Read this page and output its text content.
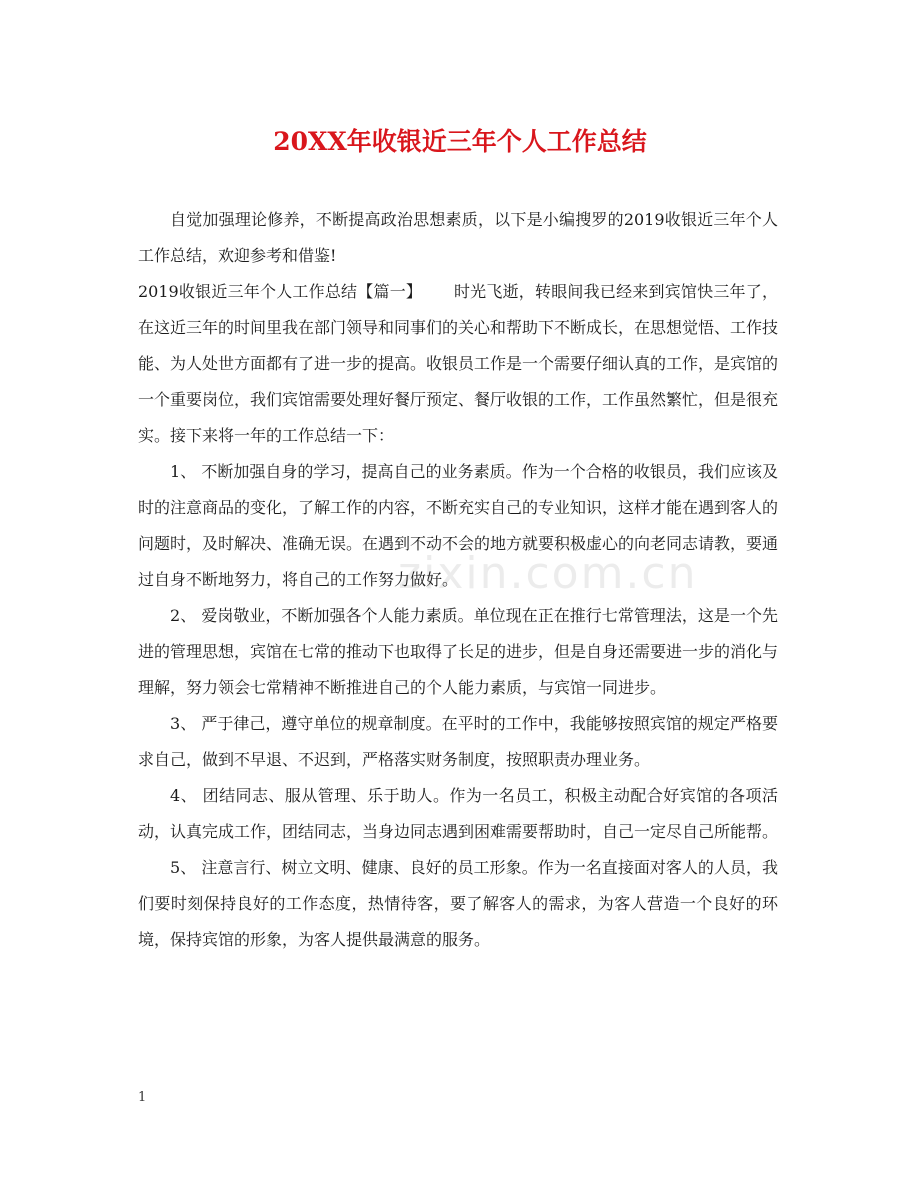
20XX年收银近三年个人工作总结
zixin.com.cn

自觉加强理论修养，不断提高政治思想素质，以下是小编搜罗的2019收银近三年个人工作总结，欢迎参考和借鉴!

2019收银近三年个人工作总结【篇一】 时光飞逝，转眼间我已经来到宾馆快三年了，在这近三年的时间里我在部门领导和同事们的关心和帮助下不断成长，在思想觉悟、工作技能、为人处世方面都有了进一步的提高。收银员工作是一个需要仔细认真的工作，是宾馆的一个重要岗位，我们宾馆需要处理好餐厅预定、餐厅收银的工作，工作虽然繁忙，但是很充实。接下来将一年的工作总结一下：

1、 不断加强自身的学习，提高自己的业务素质。作为一个合格的收银员，我们应该及时的注意商品的变化，了解工作的内容，不断充实自己的专业知识，这样才能在遇到客人的问题时，及时解决、准确无误。在遇到不动不会的地方就要积极虚心的向老同志请教，要通过自身不断地努力，将自己的工作努力做好。

2、 爱岗敬业，不断加强各个人能力素质。单位现在正在推行七常管理法，这是一个先进的管理思想，宾馆在七常的推动下也取得了长足的进步，但是自身还需要进一步的消化与理解，努力领会七常精神不断推进自己的个人能力素质，与宾馆一同进步。

3、 严于律己，遵守单位的规章制度。在平时的工作中，我能够按照宾馆的规定严格要求自己，做到不早退、不迟到，严格落实财务制度，按照职责办理业务。

4、 团结同志、服从管理、乐于助人。作为一名员工，积极主动配合好宾馆的各项活动，认真完成工作，团结同志，当身边同志遇到困难需要帮助时，自己一定尽自己所能帮。

5、 注意言行、树立文明、健康、良好的员工形象。作为一名直接面对客人的人员，我们要时刻保持良好的工作态度，热情待客，要了解客人的需求，为客人营造一个良好的环境，保持宾馆的形象，为客人提供最满意的服务。

1
